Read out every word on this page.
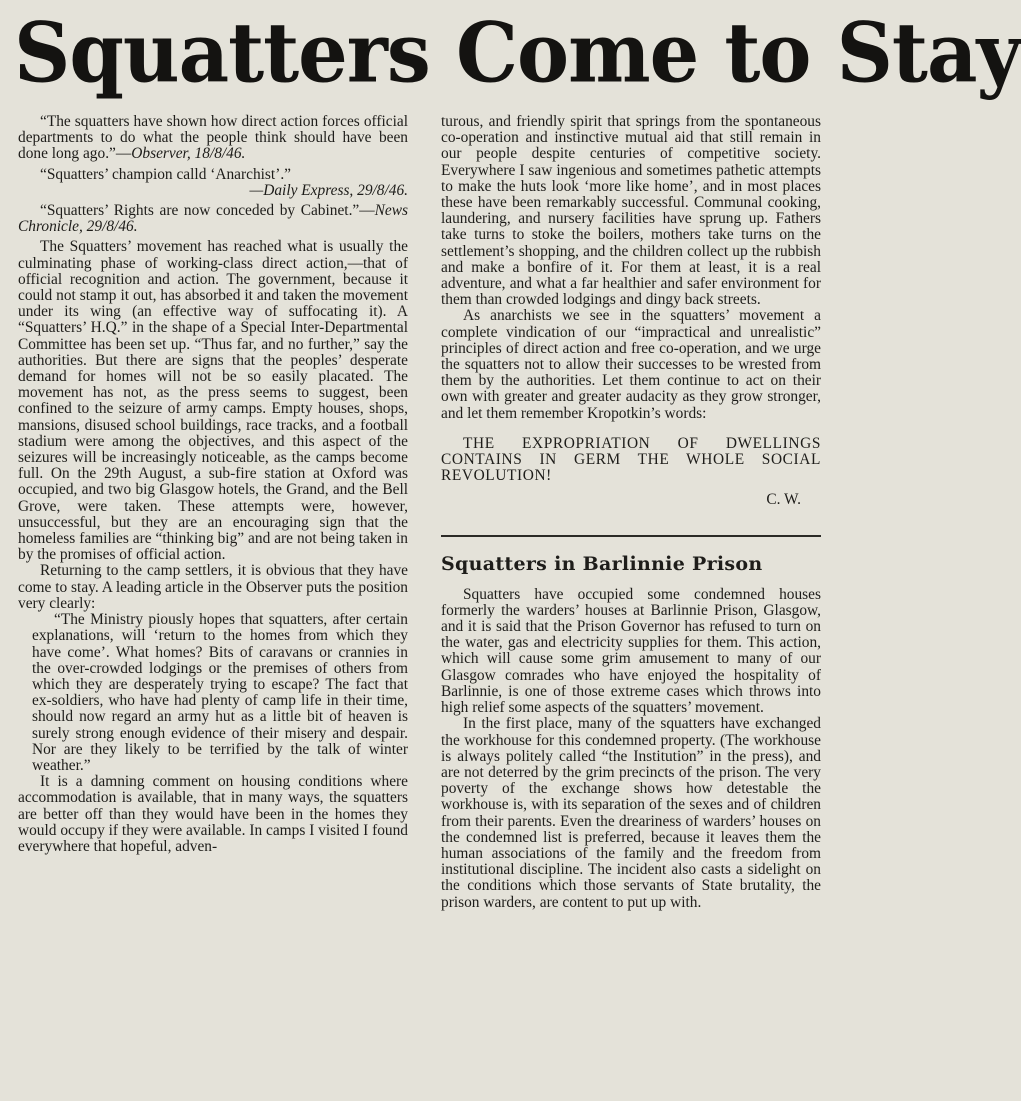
Squatters Come to Stay

“The squatters have shown how direct action forces official departments to do what the people think should have been done long ago.”—Observer, 18/8/46.

“Squatters’ champion calld ‘Anarchist’.”

—Daily Express, 29/8/46.

“Squatters’ Rights are now conceded by Cabinet.”—News Chronicle, 29/8/46.

The Squatters’ movement has reached what is usually the culminating phase of working-class direct action,—that of official recognition and action. The government, because it could not stamp it out, has absorbed it and taken the movement under its wing (an effective way of suffocating it). A “Squatters’ H.Q.” in the shape of a Special Inter-Departmental Committee has been set up. “Thus far, and no further,” say the authorities. But there are signs that the peoples’ desperate demand for homes will not be so easily placated. The movement has not, as the press seems to suggest, been confined to the seizure of army camps. Empty houses, shops, mansions, disused school buildings, race tracks, and a football stadium were among the objectives, and this aspect of the seizures will be increasingly noticeable, as the camps become full. On the 29th August, a sub-fire station at Oxford was occupied, and two big Glasgow hotels, the Grand, and the Bell Grove, were taken. These attempts were, however, unsuccessful, but they are an encouraging sign that the homeless families are “thinking big” and are not being taken in by the promises of official action.

Returning to the camp settlers, it is obvious that they have come to stay. A leading article in the Observer puts the position very clearly:

“The Ministry piously hopes that squatters, after certain explanations, will ‘return to the homes from which they have come’. What homes? Bits of caravans or crannies in the over-crowded lodgings or the premises of others from which they are desperately trying to escape? The fact that ex-soldiers, who have had plenty of camp life in their time, should now regard an army hut as a little bit of heaven is surely strong enough evidence of their misery and despair. Nor are they likely to be terrified by the talk of winter weather.”

It is a damning comment on housing conditions where accommodation is available, that in many ways, the squatters are better off than they would have been in the homes they would occupy if they were available. In camps I visited I found everywhere that hopeful, adven-

turous, and friendly spirit that springs from the spontaneous co-operation and instinctive mutual aid that still remain in our people despite centuries of competitive society. Everywhere I saw ingenious and sometimes pathetic attempts to make the huts look ‘more like home’, and in most places these have been remarkably successful. Communal cooking, laundering, and nursery facilities have sprung up. Fathers take turns to stoke the boilers, mothers take turns on the settlement’s shopping, and the children collect up the rubbish and make a bonfire of it. For them at least, it is a real adventure, and what a far healthier and safer environment for them than crowded lodgings and dingy back streets.

As anarchists we see in the squatters’ movement a complete vindication of our “impractical and unrealistic” principles of direct action and free co-operation, and we urge the squatters not to allow their successes to be wrested from them by the authorities. Let them continue to act on their own with greater and greater audacity as they grow stronger, and let them remember Kropotkin’s words:

THE EXPROPRIATION OF DWELLINGS CONTAINS IN GERM THE WHOLE SOCIAL REVOLUTION!

C. W.
Squatters in Barlinnie Prison

Squatters have occupied some condemned houses formerly the warders’ houses at Barlinnie Prison, Glasgow, and it is said that the Prison Governor has refused to turn on the water, gas and electricity supplies for them. This action, which will cause some grim amusement to many of our Glasgow comrades who have enjoyed the hospitality of Barlinnie, is one of those extreme cases which throws into high relief some aspects of the squatters’ movement.

In the first place, many of the squatters have exchanged the workhouse for this condemned property. (The workhouse is always politely called “the Institution” in the press), and are not deterred by the grim precincts of the prison. The very poverty of the exchange shows how detestable the workhouse is, with its separation of the sexes and of children from their parents. Even the dreariness of warders’ houses on the condemned list is preferred, because it leaves them the human associations of the family and the freedom from institutional discipline. The incident also casts a sidelight on the conditions which those servants of State brutality, the prison warders, are content to put up with.
